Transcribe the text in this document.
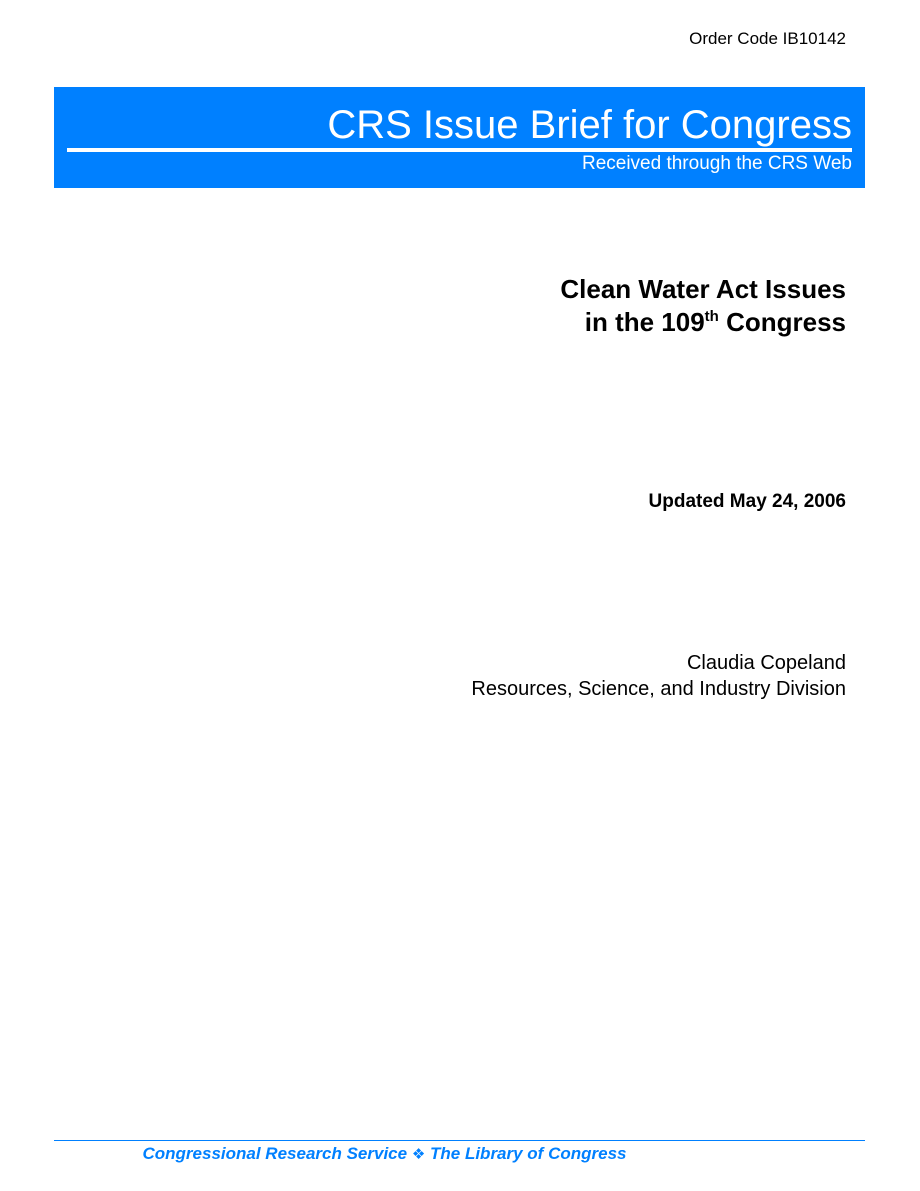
Order Code IB10142
CRS Issue Brief for Congress
Received through the CRS Web
Clean Water Act Issues
in the 109th Congress
Updated May 24, 2006
Claudia Copeland
Resources, Science, and Industry Division
Congressional Research Service ❖ The Library of Congress
